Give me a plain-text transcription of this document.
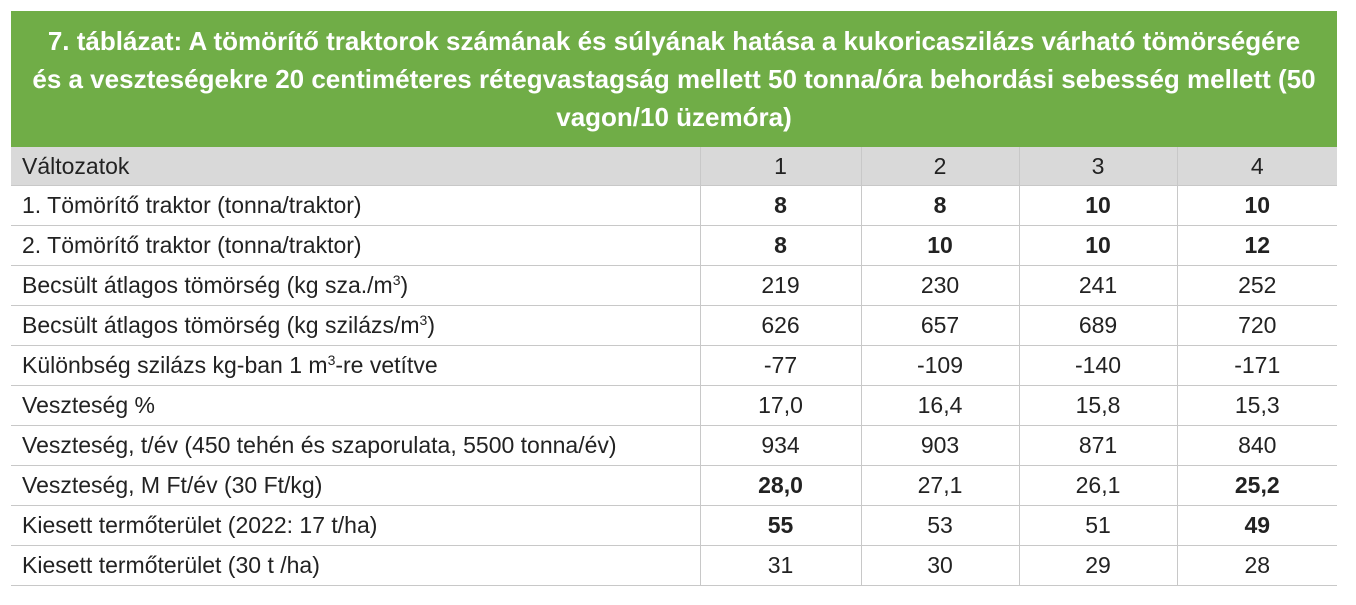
7. táblázat: A tömörítő traktorok számának és súlyának hatása a kukoricaszilázs várható tömörségére és a veszteségekre 20 centiméteres rétegvastagság mellett 50 tonna/óra behordási sebesség mellett (50 vagon/10 üzemóra)
Változatok	1	2	3	4
1. Tömörítő traktor (tonna/traktor)	8	8	10	10
2. Tömörítő traktor (tonna/traktor)	8	10	10	12
Becsült átlagos tömörség (kg $sza./m^3$)	219	230	241	252
Becsült átlagos tömörség (kg szilázs/$m^3$)	626	657	689	720
Különbség szilázs kg-ban 1 $m^3-re$ vetítve	-77	-109	-140	-171
Veszteség %	17,0	16,4	15,8	15,3
Veszteség, t/év (450 tehén és szaporulata, 5500 tonna/év)	934	903	871	840
Veszteség, M Ft/év (30 Ft/kg)	28,0	27,1	26,1	25,2
Kiesett termőterület (2022: 17 t/ha)	55	53	51	49
Kiesett termőterület (30 t /ha)	31	30	29	28
